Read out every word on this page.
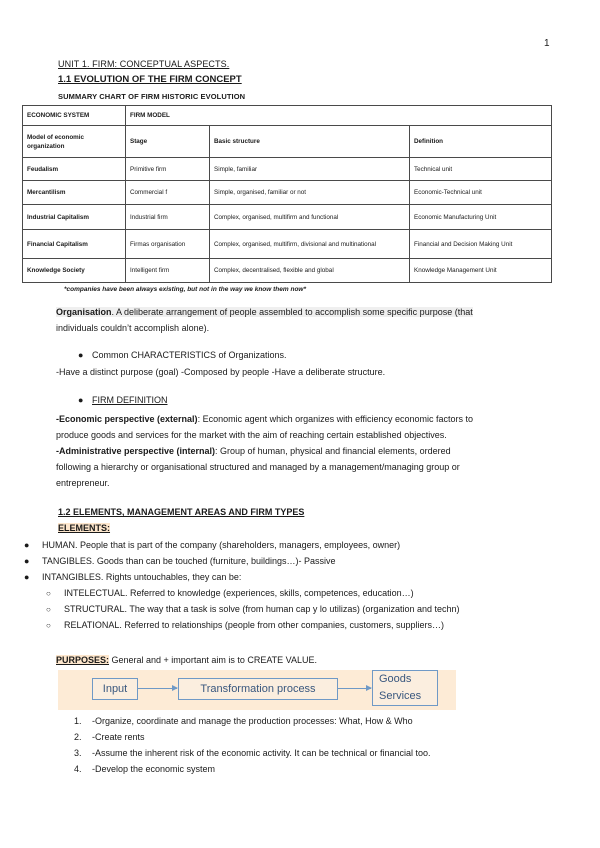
1
UNIT 1. FIRM: CONCEPTUAL ASPECTS.
1.1 EVOLUTION OF THE FIRM CONCEPT
SUMMARY CHART OF FIRM HISTORIC EVOLUTION
ECONOMIC SYSTEM	FIRM MODEL		
Model of economic organization	Stage	Basic structure	Definition
Feudalism	Primitive firm	Simple, familiar	Technical unit
Mercantilism	Commercial f	Simple, organised, familiar or not	Economic-Technical unit
Industrial Capitalism	Industrial firm	Complex, organised, multifirm and functional	Economic Manufacturing Unit
Financial Capitalism	Firmas organisation	Complex, organised, multifirm, divisional and multinational	Financial and Decision Making Unit
Knowledge Society	Intelligent firm	Complex, decentralised, flexible and global	Knowledge Management Unit
*companies have been always existing, but not in the way we know them now*
Organisation. A deliberate arrangement of people assembled to accomplish some specific purpose (that
individuals couldn’t accomplish alone).
● Common CHARACTERISTICS of Organizations.
-Have a distinct purpose (goal) -Composed by people -Have a deliberate structure.
● FIRM DEFINITION
-Economic perspective (external): Economic agent which organizes with efficiency economic factors to
produce goods and services for the market with the aim of reaching certain established objectives.
-Administrative perspective (internal): Group of human, physical and financial elements, ordered
following a hierarchy or organisational structured and managed by a management/managing group or
entrepreneur.
1.2 ELEMENTS, MANAGEMENT AREAS AND FIRM TYPES
ELEMENTS:
● HUMAN. People that is part of the company (shareholders, managers, employees, owner)
● TANGIBLES. Goods than can be touched (furniture, buildings…)- Passive
● INTANGIBLES. Rights untouchables, they can be:
○ INTELECTUAL. Referred to knowledge (experiences, skills, competences, education…)
○ STRUCTURAL. The way that a task is solve (from human cap y lo utilizas) (organization and techn)
○ RELATIONAL. Referred to relationships (people from other companies, customers, suppliers…)
PURPOSES: General and + important aim is to CREATE VALUE.
Input	Transformation process
Goods
Services
1. -Organize, coordinate and manage the production processes: What, How & Who
2. -Create rents
3. -Assume the inherent risk of the economic activity. It can be technical or financial too.
4. -Develop the economic system
